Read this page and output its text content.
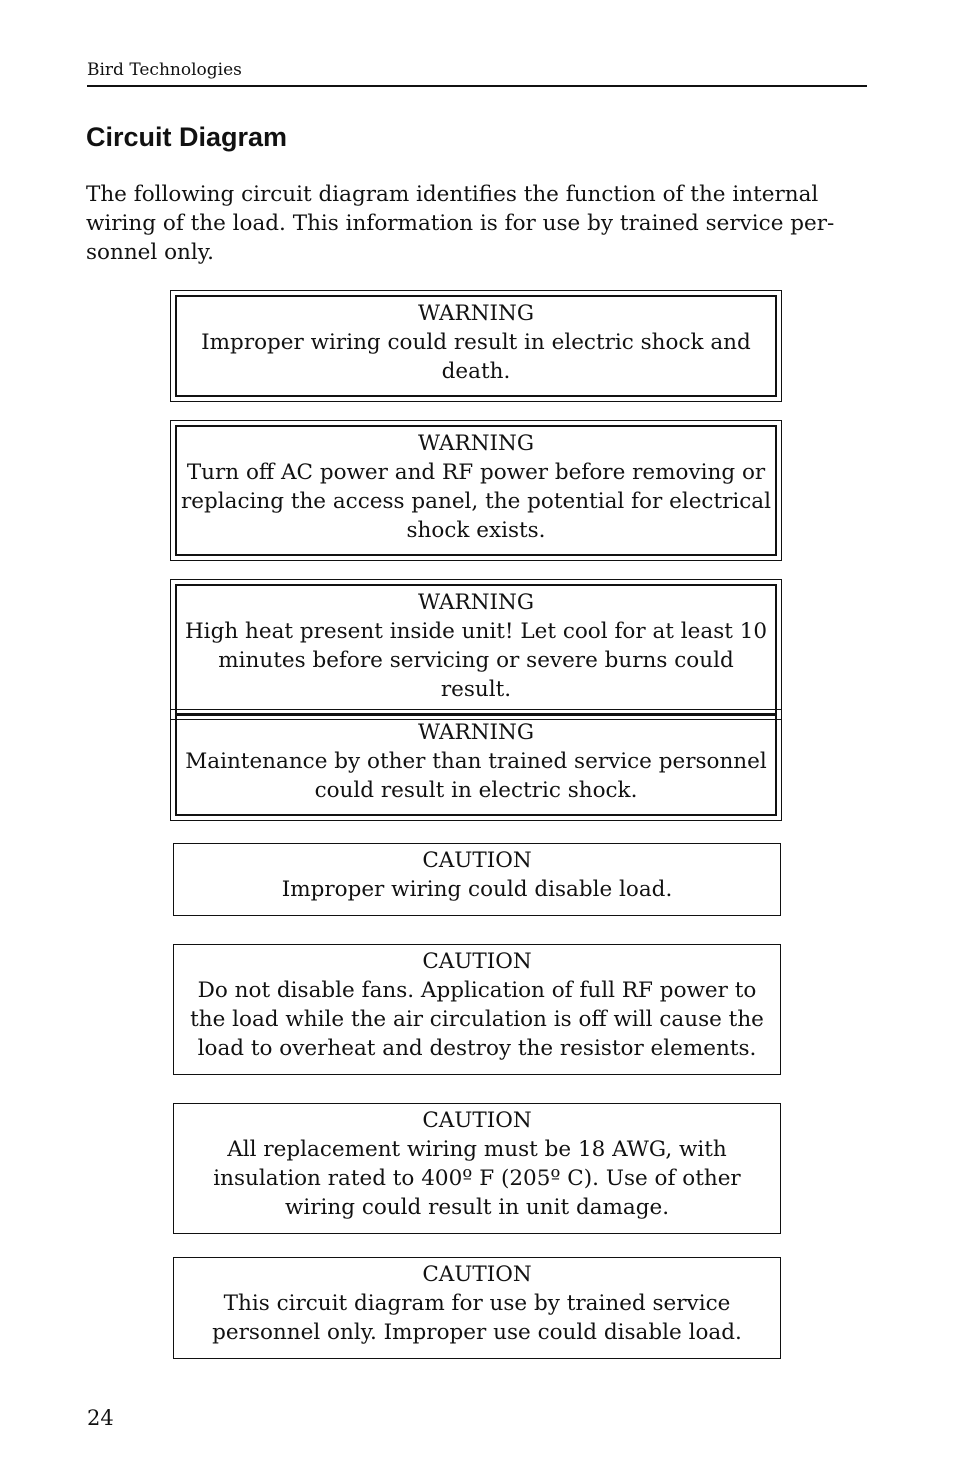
Bird Technologies
Circuit Diagram
The following circuit diagram identifies the function of the internal wiring of the load. This information is for use by trained service per-sonnel only.
WARNING
Improper wiring could result in electric shock and death.
WARNING
Turn off AC power and RF power before removing or replacing the access panel, the potential for electrical shock exists.
WARNING
High heat present inside unit! Let cool for at least 10 minutes before servicing or severe burns could result.
WARNING
Maintenance by other than trained service personnel could result in electric shock.
CAUTION
Improper wiring could disable load.
CAUTION
Do not disable fans. Application of full RF power to the load while the air circulation is off will cause the load to overheat and destroy the resistor elements.
CAUTION
All replacement wiring must be 18 AWG, with insulation rated to 400º F (205º C). Use of other wiring could result in unit damage.
CAUTION
This circuit diagram for use by trained service personnel only. Improper use could disable load.
24
